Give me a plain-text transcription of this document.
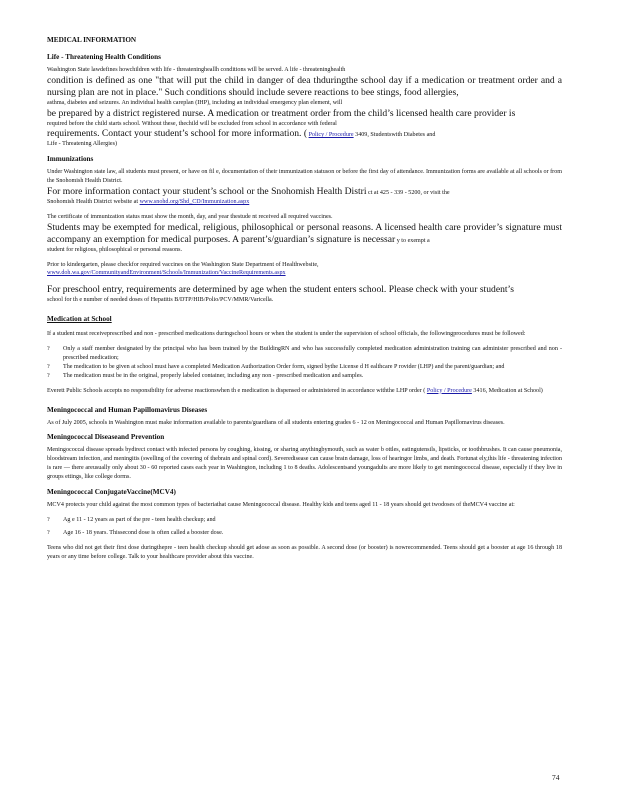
MEDICAL INFORMATION

Life - Threatening Health Conditions

Washington State lawdefines howchildren with life - threateningheallh conditions will be served. A life - threateninghealth
condition is defined as one "that will put the child in danger of dea thduringthe school day if a medication or treatment order and a nursing plan are not in place." Such conditions should include severe reactions to bee stings, food allergies,
asthma, diabetes and seizures. An individual health careplan (IHP), including an individual emergency plan element, will
be prepared by a district registered nurse. A medication or treatment order from the child’s licensed health care provider is
required before the child starts school. Without these, thechild will be excluded from school in accordance with federal
requirements. Contact your student’s school for more information. ( Policy / Procedure 3409, Studentswith Diabetes and
Life - Threatening Allergies)

Immunizations

Under Washington state law, all students must present, or have on fil e, documentation of their immunization statuson or before the first day of attendance. Immunization forms are available at all schools or from the Snohomish Health District.
For more information contact your student’s school or the Snohomish Health Distri ct at 425 - 339 - 5200, or visit the
Snohomish Health District website at www.snohd.org/Shd_CD/Immunization.aspx

The certificate of immunization status must show the month, day, and year thestude nt received all required vaccines.
Students may be exempted for medical, religious, philosophical or personal reasons. A licensed health care provider’s signature must accompany an exemption for medical purposes. A parent’s/guardian’s signature is necessar y to exempt a
student for religious, philosophical or personal reasons.

Prior to kindergarten, please checkfor required vaccines on the Washington State Department of Healthwebsite,
www.doh.wa.gov/CommunityandEnvironment/Schools/Immunization/VaccineRequirements.aspx

For preschool entry, requirements are determined by age when the student enters school. Please check with your student’s
school for th e number of needed doses of Hepatitis B/DTP/HIB/Polio/PCV/MMR/Varicella.

Medication at School

If a student must receiveprescribed and non - prescribed medications duringschool hours or when the student is under the supervision of school officials, the followingprocedures must be followed:

?	Only a staff member designated by the principal who has been trained by the BuildingRN and who has successfully completed medication administration training can administer prescribed and non - prescribed medication;
?	The medication to be given at school must have a completed Medication Authorization Order form, signed bythe License d H ealthcare P rovider (LHP) and the parent/guardian; and
?	The medication must be in the original, properly labeled container, including any non - prescribed medication and samples.

Everett Public Schools accepts no responsibility for adverse reactionswhen th e medication is dispensed or administered in accordance withthe LHP order ( Policy / Procedure 3416, Medication at School)

Meningococcal and Human Papillomavirus Diseases

As of July 2005, schools in Washington must make information available to parents/guardians of all students entering grades 6 - 12 on Meningococcal and Human Papillomavirus diseases.

Meningococcal Diseaseand Prevention

Meningococcal disease spreads bydirect contact with infected persons by coughing, kissing, or sharing anythingbymouth, such as water b ottles, eatingutensils, lipsticks, or toothbrushes. It can cause pneumonia, bloodstream infection, and meningitis (swelling of the covering of thebrain and spinal cord). Severedisease can cause brain damage, loss of hearingor limbs, and death. Fortunat ely,this life - threatening infection is rare — there areusually only about 30 - 60 reported cases each year in Washington, including 1 to 8 deaths. Adolescentsand youngadults are more likely to get meningococcal disease, especially if they live in groups ettings, like college dorms.

Meningococcal ConjugateVaccine(MCV4)

MCV4 protects your child against the most common types of bacteriathat cause Meningococcal disease. Healthy kids and teens aged 11 - 18 years should get twodoses of theMCV4 vaccine at:

?	Ag e 11 - 12 years as part of the pre - teen health checkup; and
?	Age 16 - 18 years. Thissecond dose is often called a booster dose.

Teens who did not get their first dose duringthepre - teen health checkup should get adose as soon as possible. A second dose (or booster) is nowrecommended. Teens should get a booster at age 16 through 18 years or any time before college. Talk to your healthcare provider about this vaccine.

74
